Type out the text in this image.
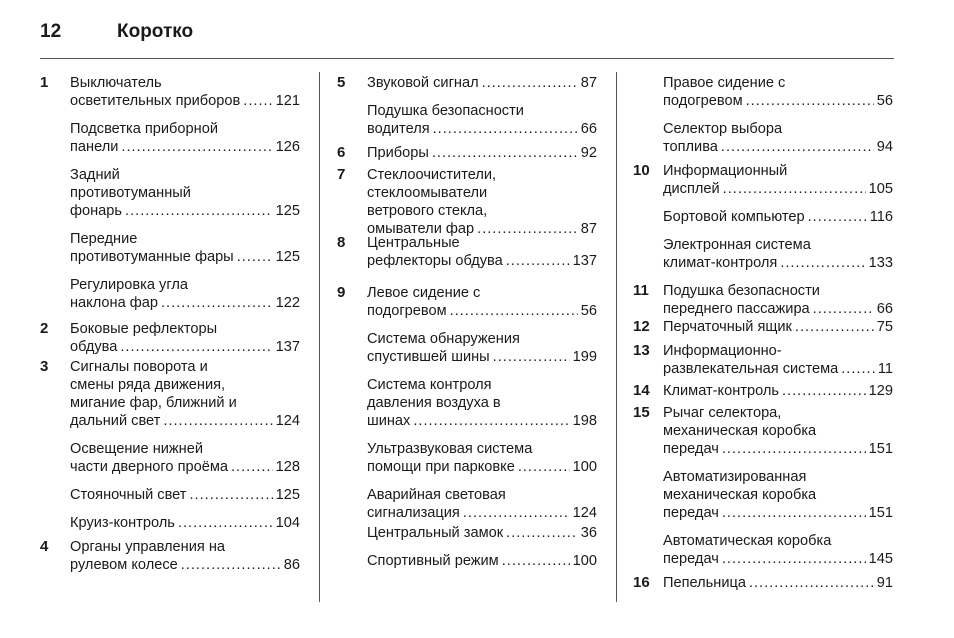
12	Коротко
1 Выключатель
осветительных приборов ..... 121
Подсветка приборной
панели .....	126
Задний
противотуманный
фонарь .....	125
Передние
противотуманные фары .....	125
Регулировка угла
наклона фар .....	122
2 Боковые рефлекторы
обдува .....	137
3 Сигналы поворота и
смены ряда движения,
мигание фар, ближний и
дальний свет .....	124
Освещение нижней
части дверного проёма .....	128
Стояночный свет .....	125
Круиз-контроль .....	104
4 Органы управления на
рулевом колесе .....	86
5 Звуковой сигнал .....	87
Подушка безопасности
водителя .....	66
6 Приборы .....	92
7 Стеклоочистители,
стеклоомыватели
ветрового стекла,
омыватели фар .....	87
8 Центральные
рефлекторы обдува .....	137
9 Левое сидение с
подогревом .....	56
Система обнаружения
спустившей шины .....	199
Система контроля
давления воздуха в
шинах .....	198
Ультразвуковая система
помощи при парковке .....	100
Аварийная световая
сигнализация .....	124
Центральный замок .....	36
Спортивный режим .....	100
Правое сидение с
подогревом .....	56
Селектор выбора
топлива .....	94
10 Информационный
дисплей .....	105
Бортовой компьютер .....	116
Электронная система
климат-контроля .....	133
11 Подушка безопасности
переднего пассажира .....	66
12 Перчаточный ящик .....	75
13 Информационно-
развлекательная система .....	11
14 Климат-контроль .....	129
15 Рычаг селектора,
механическая коробка
передач .....	151
Автоматизированная
механическая коробка
передач .....	151
Автоматическая коробка
передач .....	145
16 Пепельница .....	91
